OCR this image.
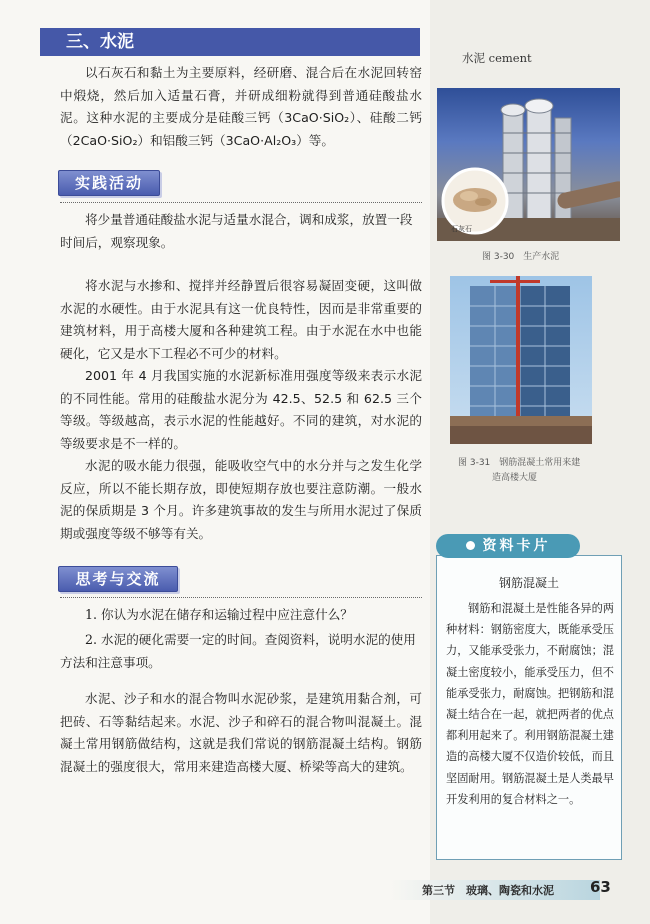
三、水泥

以石灰石和黏土为主要原料，经研磨、混合后在水泥回转窑中煅烧，然后加入适量石膏，并研成细粉就得到普通硅酸盐水泥。这种水泥的主要成分是硅酸三钙（3CaO·SiO₂）、硅酸二钙（2CaO·SiO₂）和铝酸三钙（3CaO·Al₂O₃）等。

实践活动

将少量普通硅酸盐水泥与适量水混合，调和成浆，放置一段时间后，观察现象。

将水泥与水掺和、搅拌并经静置后很容易凝固变硬，这叫做水泥的水硬性。由于水泥具有这一优良特性，因而是非常重要的建筑材料，用于高楼大厦和各种建筑工程。由于水泥在水中也能硬化，它又是水下工程必不可少的材料。

2001 年 4 月我国实施的水泥新标准用强度等级来表示水泥的不同性能。常用的硅酸盐水泥分为 42.5、52.5 和 62.5 三个等级。等级越高，表示水泥的性能越好。不同的建筑，对水泥的等级要求是不一样的。

水泥的吸水能力很强，能吸收空气中的水分并与之发生化学反应，所以不能长期存放，即使短期存放也要注意防潮。一般水泥的保质期是 3 个月。许多建筑事故的发生与所用水泥过了保质期或强度等级不够等有关。

思考与交流

1. 你认为水泥在储存和运输过程中应注意什么？

2. 水泥的硬化需要一定的时间。查阅资料，说明水泥的使用方法和注意事项。

水泥、沙子和水的混合物叫水泥砂浆，是建筑用黏合剂，可把砖、石等黏结起来。水泥、沙子和碎石的混合物叫混凝土。混凝土常用钢筋做结构，这就是我们常说的钢筋混凝土结构。钢筋混凝土的强度很大，常用来建造高楼大厦、桥梁等高大的建筑。

水泥 cement
石灰石
图 3-30　生产水泥
图 3-31　钢筋混凝土常用来建
造高楼大厦
资料卡片
钢筋混凝土

钢筋和混凝土是性能各异的两种材料：钢筋密度大，既能承受压力，又能承受张力，不耐腐蚀；混凝土密度较小，能承受压力，但不能承受张力，耐腐蚀。把钢筋和混凝土结合在一起，就把两者的优点都利用起来了。利用钢筋混凝土建造的高楼大厦不仅造价较低，而且坚固耐用。钢筋混凝土是人类最早开发利用的复合材料之一。

第三节　玻璃、陶瓷和水泥 63
